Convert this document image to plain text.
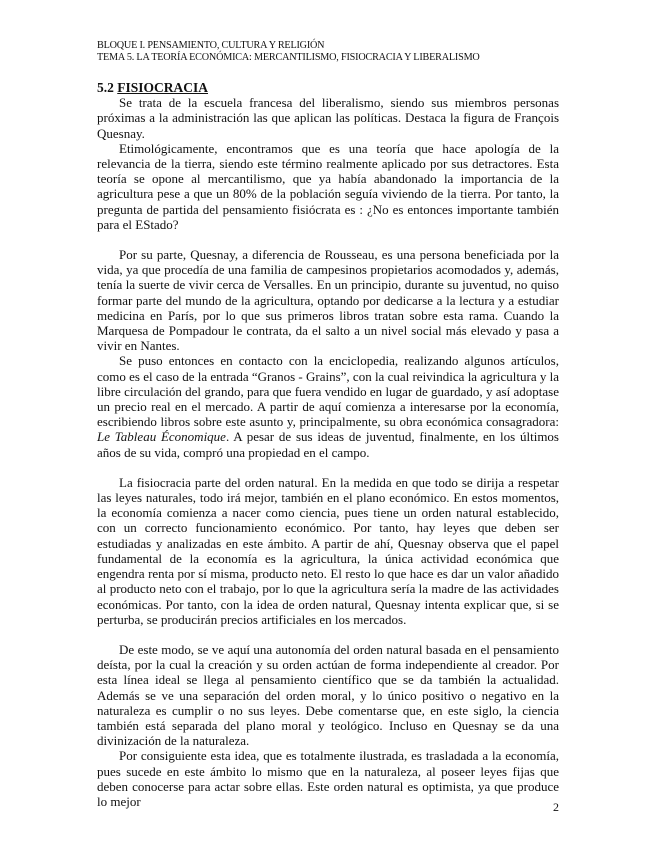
BLOQUE I. PENSAMIENTO, CULTURA Y RELIGIÓN
TEMA 5. LA TEORÍA ECONÓMICA: MERCANTILISMO, FISIOCRACIA Y LIBERALISMO
5.2 FISIOCRACIA

Se trata de la escuela francesa del liberalismo, siendo sus miembros personas próximas a la administración las que aplican las políticas. Destaca la figura de François Quesnay.

Etimológicamente, encontramos que es una teoría que hace apología de la relevancia de la tierra, siendo este término realmente aplicado por sus detractores. Esta teoría se opone al mercantilismo, que ya había abandonado la importancia de la agricultura pese a que un 80% de la población seguía viviendo de la tierra. Por tanto, la pregunta de partida del pensamiento fisiócrata es : ¿No es entonces importante también para el EStado?

Por su parte, Quesnay, a diferencia de Rousseau, es una persona beneficiada por la vida, ya que procedía de una familia de campesinos propietarios acomodados y, además, tenía la suerte de vivir cerca de Versalles. En un principio, durante su juventud, no quiso formar parte del mundo de la agricultura, optando por dedicarse a la lectura y a estudiar medicina en París, por lo que sus primeros libros tratan sobre esta rama. Cuando la Marquesa de Pompadour le contrata, da el salto a un nivel social más elevado y pasa a vivir en Nantes.

Se puso entonces en contacto con la enciclopedia, realizando algunos artículos, como es el caso de la entrada “Granos - Grains”, con la cual reivindica la agricultura y la libre circulación del grando, para que fuera vendido en lugar de guardado, y así adoptase un precio real en el mercado. A partir de aquí comienza a interesarse por la economía, escribiendo libros sobre este asunto y, principalmente, su obra económica consagradora: Le Tableau Économique. A pesar de sus ideas de juventud, finalmente, en los últimos años de su vida, compró una propiedad en el campo.

La fisiocracia parte del orden natural. En la medida en que todo se dirija a respetar las leyes naturales, todo irá mejor, también en el plano económico. En estos momentos, la economía comienza a nacer como ciencia, pues tiene un orden natural establecido, con un correcto funcionamiento económico. Por tanto, hay leyes que deben ser estudiadas y analizadas en este ámbito. A partir de ahí, Quesnay observa que el papel fundamental de la economía es la agricultura, la única actividad económica que engendra renta por sí misma, producto neto. El resto lo que hace es dar un valor añadido al producto neto con el trabajo, por lo que la agricultura sería la madre de las actividades económicas. Por tanto, con la idea de orden natural, Quesnay intenta explicar que, si se perturba, se producirán precios artificiales en los mercados.

De este modo, se ve aquí una autonomía del orden natural basada en el pensamiento deísta, por la cual la creación y su orden actúan de forma independiente al creador. Por esta línea ideal se llega al pensamiento científico que se da también la actualidad. Además se ve una separación del orden moral, y lo único positivo o negativo en la naturaleza es cumplir o no sus leyes. Debe comentarse que, en este siglo, la ciencia también está separada del plano moral y teológico. Incluso en Quesnay se da una divinización de la naturaleza.

Por consiguiente esta idea, que es totalmente ilustrada, es trasladada a la economía, pues sucede en este ámbito lo mismo que en la naturaleza, al poseer leyes fijas que deben conocerse para actar sobre ellas. Este orden natural es optimista, ya que produce lo mejor	2
